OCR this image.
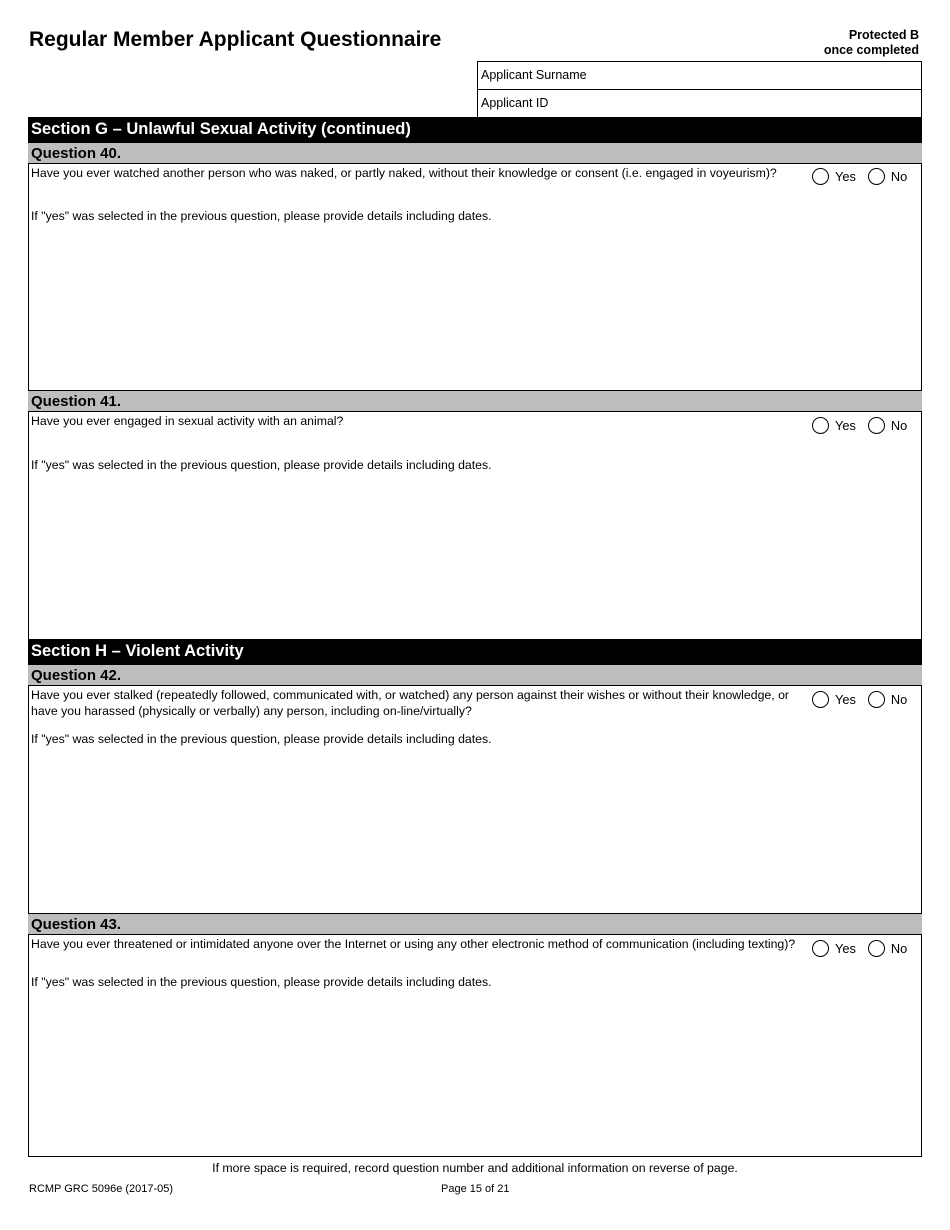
Regular Member Applicant Questionnaire	Protected B
once completed
Applicant Surname
Applicant ID
Section G – Unlawful Sexual Activity (continued)
Question 40.
Have you ever watched another person who was naked, or partly naked, without their knowledge or consent (i.e. engaged in voyeurism)?	Yes	No
If "yes" was selected in the previous question, please provide details including dates.
Question 41.
Have you ever engaged in sexual activity with an animal?	Yes	No
If "yes" was selected in the previous question, please provide details including dates.
Section H – Violent Activity
Question 42.
Have you ever stalked (repeatedly followed, communicated with, or watched) any person against their wishes or without their knowledge, or have you harassed (physically or verbally) any person, including on-line/virtually?
Yes	No
If "yes" was selected in the previous question, please provide details including dates.
Question 43.
Have you ever threatened or intimidated anyone over the Internet or using any other electronic method of communication (including texting)?	Yes	No
If "yes" was selected in the previous question, please provide details including dates.
If more space is required, record question number and additional information on reverse of page.
RCMP GRC 5096e (2017-05)	Page 15 of 21
